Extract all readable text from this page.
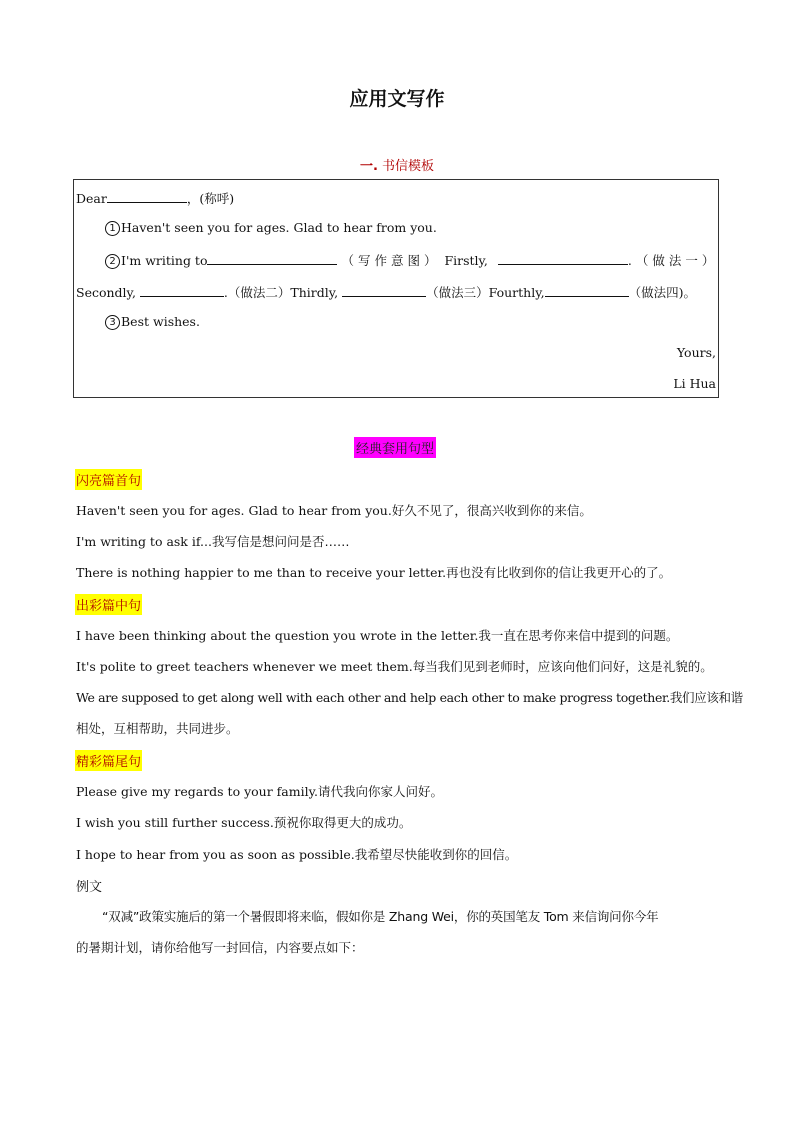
应用文写作
一. 书信模板
Dear	，(称呼)
1 Haven't seen you for ages. Glad to hear from you.
2 I'm writing to	（写作意图） Firstly,	.（做法一）
Secondly,	.（做法二）Thirdly,	（做法三）Fourthly,	（做法四)。
3 Best wishes.
Yours,
Li Hua
经典套用句型
闪亮篇首句
Haven't seen you for ages. Glad to hear from you.好久不见了，很高兴收到你的来信。
I'm writing to ask if...我写信是想问问是否……
There is nothing happier to me than to receive your letter.再也没有比收到你的信让我更开心的了。
出彩篇中句
I have been thinking about the question you wrote in the letter.我一直在思考你来信中提到的问题。
It's polite to greet teachers whenever we meet them.每当我们见到老师时，应该向他们问好，这是礼貌的。
We are supposed to get along well with each other and help each other to make progress together.我们应该和谐
相处，互相帮助，共同进步。
精彩篇尾句
Please give my regards to your family.请代我向你家人问好。
I wish you still further success.预祝你取得更大的成功。
I hope to hear from you as soon as possible.我希望尽快能收到你的回信。
例文
“双减”政策实施后的第一个暑假即将来临，假如你是 Zhang Wei，你的英国笔友 Tom 来信询问你今年
的暑期计划，请你给他写一封回信，内容要点如下：
